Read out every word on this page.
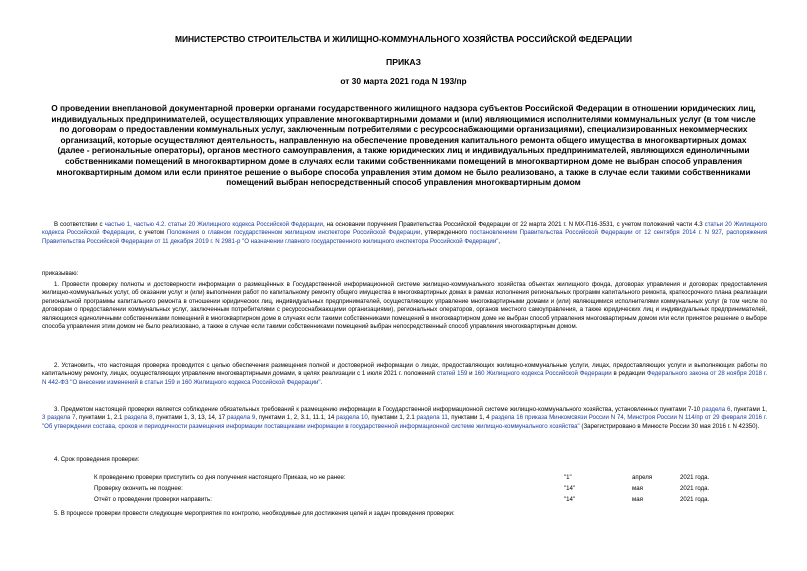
МИНИСТЕРСТВО СТРОИТЕЛЬСТВА И ЖИЛИЩНО-КОММУНАЛЬНОГО ХОЗЯЙСТВА РОССИЙСКОЙ ФЕДЕРАЦИИ
ПРИКАЗ
от 30 марта 2021 года N 193/пр
О проведении внеплановой документарной проверки органами государственного жилищного надзора субъектов Российской Федерации в отношении юридических лиц, индивидуальных предпринимателей, осуществляющих управление многоквартирными домами и (или) являющимися исполнителями коммунальных услуг (в том числе по договорам о предоставлении коммунальных услуг, заключенным потребителями с ресурсоснабжающими организациями), специализированных некоммерческих организаций, которые осуществляют деятельность, направленную на обеспечение проведения капитального ремонта общего имущества в многоквартирных домах (далее - региональные операторы), органов местного самоуправления, а также юридических лиц и индивидуальных предпринимателей, являющихся единоличными собственниками помещений в многоквартирном доме в случаях если такими собственниками помещений в многоквартирном доме не выбран способ управления многоквартирным домом или если принятое решение о выборе способа управления этим домом не было реализовано, а также в случае если такими собственниками помещений выбран непосредственный способ управления многоквартирным домом
В соответствии с частью 1, частью 4.2. статьи 20 Жилищного кодекса Российской Федерации, на основании поручения Правительства Российской Федерации от 22 марта 2021 г. N МХ-П16-3531, с учетом положений части 4.3 статьи 20 Жилищного кодекса Российской Федерации, с учетом Положения о главном государственном жилищном инспекторе Российской Федерации, утвержденного постановлением Правительства Российской Федерации от 12 сентября 2014 г. N 927, распоряжения Правительства Российской Федерации от 11 декабря 2019 г. N 2981-р "О назначении главного государственного жилищного инспектора Российской Федерации",
приказываю:
1. Провести проверку полноты и достоверности информации о размещённых в Государственной информационной системе жилищно-коммунального хозяйства объектах жилищного фонда, договорах управления и договорах предоставления жилищно-коммунальных услуг, об оказании услуг и (или) выполнении работ по капитальному ремонту общего имущества в многоквартирных домах в рамках исполнения региональных программ капитального ремонта, краткосрочного плана реализации региональной программы капитального ремонта в отношении юридических лиц, индивидуальных предпринимателей, осуществляющих управление многоквартирными домами и (или) являющимися исполнителями коммунальных услуг (в том числе по договорам о предоставлении коммунальных услуг, заключенным потребителями с ресурсоснабжающими организациями), региональных операторов, органов местного самоуправления, а также юридических лиц и индивидуальных предпринимателей, являющихся единоличными собственниками помещений в многоквартирном доме в случаях если такими собственниками помещений в многоквартирном доме не выбран способ управления многоквартирным домом или если принятое решение о выборе способа управления этим домом не было реализовано, а также в случае если такими собственниками помещений выбран непосредственный способ управления многоквартирным домом.
2. Установить, что настоящая проверка проводится с целью обеспечения размещения полной и достоверной информации о лицах, предоставляющих жилищно-коммунальные услуги, лицах, предоставляющих услуги и выполняющих работы по капитальному ремонту, лицах, осуществляющих управление многоквартирными домами, в целях реализации с 1 июля 2021 г. положений статей 159 и 160 Жилищного кодекса Российской Федерации в редакции Федерального закона от 28 ноября 2018 г. N 442-ФЗ "О внесении изменений в статьи 159 и 160 Жилищного кодекса Российской Федерации".
3. Предметом настоящей проверки является соблюдение обязательных требований к размещению информации в Государственной информационной системе жилищно-коммунального хозяйства, установленных пунктами 7-10 раздела 6, пунктами 1, 3 раздела 7, пунктами 1, 2.1 раздела 8, пунктами 1, 3, 13, 14, 17 раздела 9, пунктами 1, 2, 3.1, 11.1, 14 раздела 10, пунктами 1, 2.1 раздела 11, пунктами 1, 4 раздела 16 приказа Минкомсвязи России N 74, Минстроя России N 114/пр от 29 февраля 2016 г. "Об утверждении состава, сроков и периодичности размещения информации поставщиками информации в государственной информационной системе жилищно-коммунального хозяйства" (Зарегистрировано в Минюсте России 30 мая 2016 г. N 42350).
4. Срок проведения проверки:
К проведению проверки приступить со дня получения настоящего Приказа, но не ранее:	"1"	апреля	2021 года.
Проверку окончить не позднее:	"14"	мая	2021 года.
Отчёт о проведении проверки направить:	"14"	мая	2021 года.
5. В процессе проверки провести следующие мероприятия по контролю, необходимые для достижения целей и задач проведения проверки:
